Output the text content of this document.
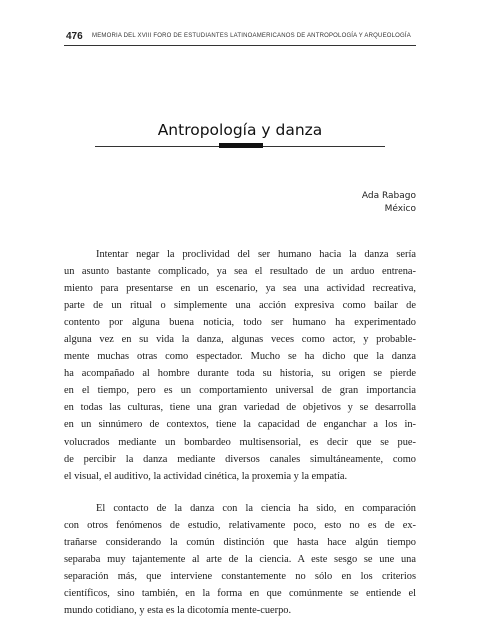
476 MEMORIA DEL XVIII FORO DE ESTUDIANTES LATINOAMERICANOS DE ANTROPOLOGÍA Y ARQUEOLOGÍA
Antropología y danza
Ada Rabago
México
Intentar negar la proclividad del ser humano hacia la danza sería
un asunto bastante complicado, ya sea el resultado de un arduo entrena-
miento para presentarse en un escenario, ya sea una actividad recreativa,
parte de un ritual o simplemente una acción expresiva como bailar de
contento por alguna buena noticia, todo ser humano ha experimentado
alguna vez en su vida la danza, algunas veces como actor, y probable-
mente muchas otras como espectador. Mucho se ha dicho que la danza
ha acompañado al hombre durante toda su historia, su origen se pierde
en el tiempo, pero es un comportamiento universal de gran importancia
en todas las culturas, tiene una gran variedad de objetivos y se desarrolla
en un sinnúmero de contextos, tiene la capacidad de enganchar a los in-
volucrados mediante un bombardeo multisensorial, es decir que se pue-
de percibir la danza mediante diversos canales simultáneamente, como
el visual, el auditivo, la actividad cinética, la proxemia y la empatía.
El contacto de la danza con la ciencia ha sido, en comparación
con otros fenómenos de estudio, relativamente poco, esto no es de ex-
trañarse considerando la común distinción que hasta hace algún tiempo
separaba muy tajantemente al arte de la ciencia. A este sesgo se une una
separación más, que interviene constantemente no sólo en los criterios
científicos, sino también, en la forma en que comúnmente se entiende el
mundo cotidiano, y esta es la dicotomía mente-cuerpo.
